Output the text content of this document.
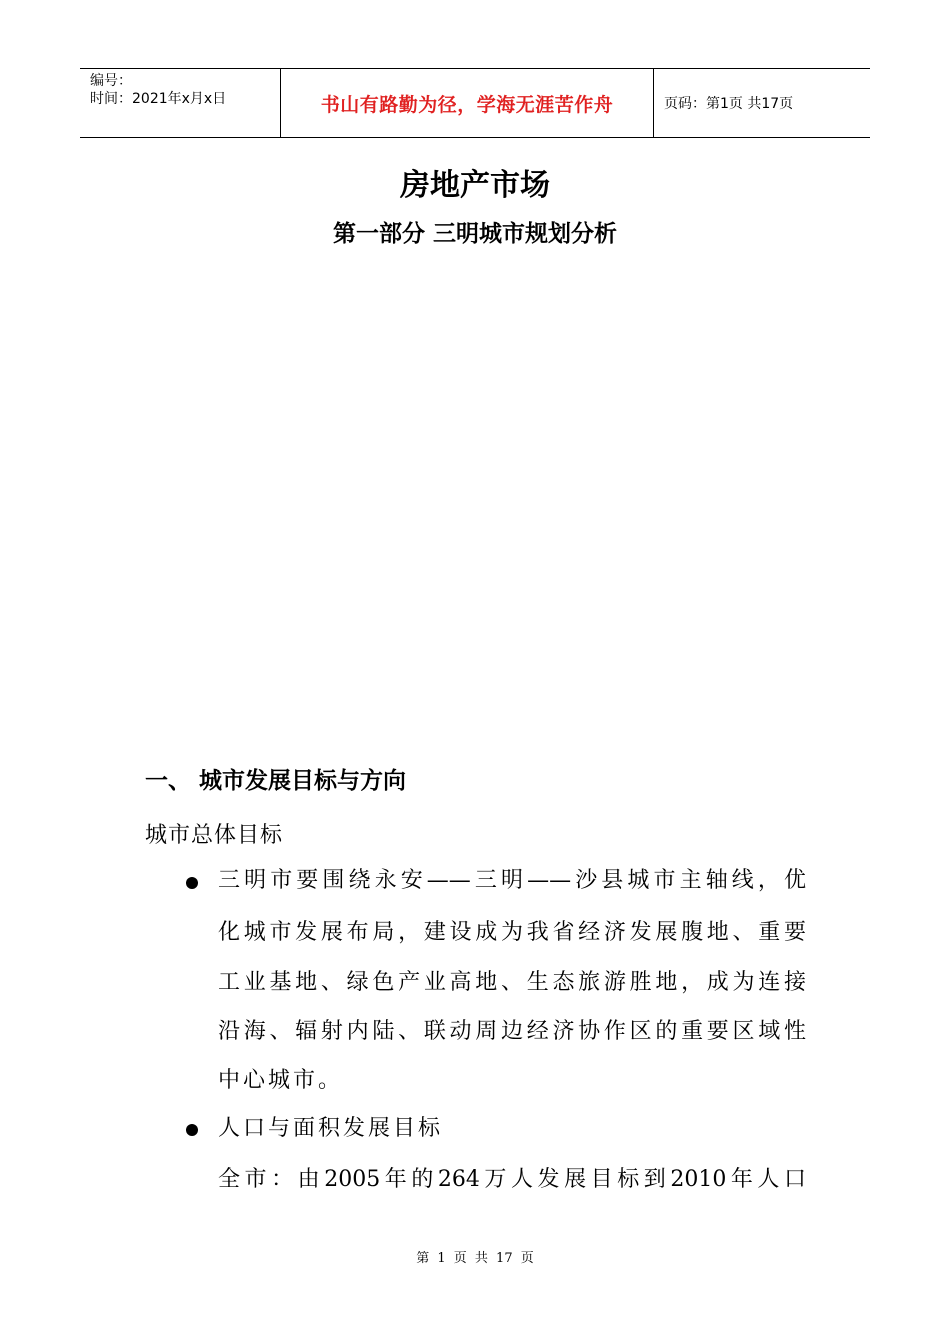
编号：
时间：2021年x月x日	书山有路勤为径，学海无涯苦作舟	页码：第1页 共17页
房地产市场
第一部分 三明城市规划分析
一、 城市发展目标与方向
城市总体目标
三明市要围绕永安——三明——沙县城市主轴线，优
化城市发展布局，建设成为我省经济发展腹地、重要
工业基地、绿色产业高地、生态旅游胜地，成为连接
沿海、辐射内陆、联动周边经济协作区的重要区域性
中心城市。
人口与面积发展目标
全市：由2005年的264万人发展目标到2010年人口
第 1 页 共 17 页
